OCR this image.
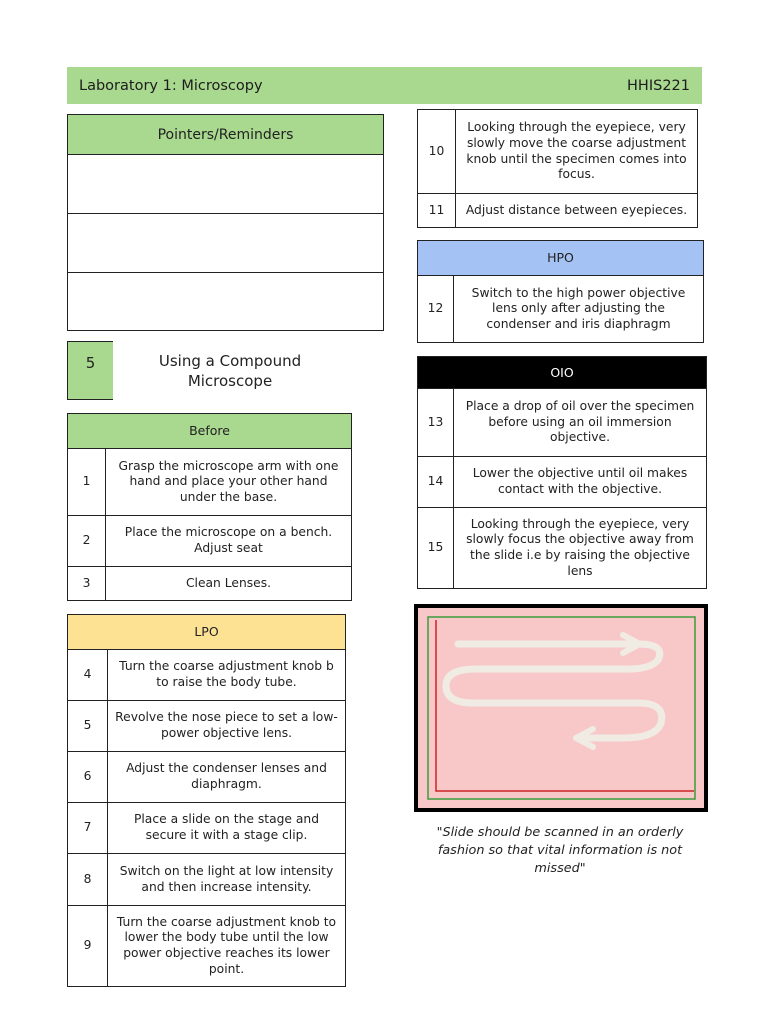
Laboratory 1: Microscopy	HHIS221
Pointers/Reminders
5	Using a Compound Microscope
Before	
1	Grasp the microscope arm with one hand and place your other hand under the base.
2	Place the microscope on a bench. Adjust seat
3	Clean Lenses.
LPO	
4	Turn the coarse adjustment knob b to raise the body tube.
5	Revolve the nose piece to set a low-power objective lens.
6	Adjust the condenser lenses and diaphragm.
7	Place a slide on the stage and secure it with a stage clip.
8	Switch on the light at low intensity and then increase intensity.
9	Turn the coarse adjustment knob to lower the body tube until the low power objective reaches its lower point.
10	Looking through the eyepiece, very slowly move the coarse adjustment knob until the specimen comes into focus.
11	Adjust distance between eyepieces.
HPO
12	Switch to the high power objective lens only after adjusting the condenser and iris diaphragm
OIO	
13	Place a drop of oil over the specimen before using an oil immersion objective.
14	Lower the objective until oil makes contact with the objective.
15	Looking through the eyepiece, very slowly focus the objective away from the slide i.e by raising the objective lens
"Slide should be scanned in an orderly fashion so that vital information is not missed"
